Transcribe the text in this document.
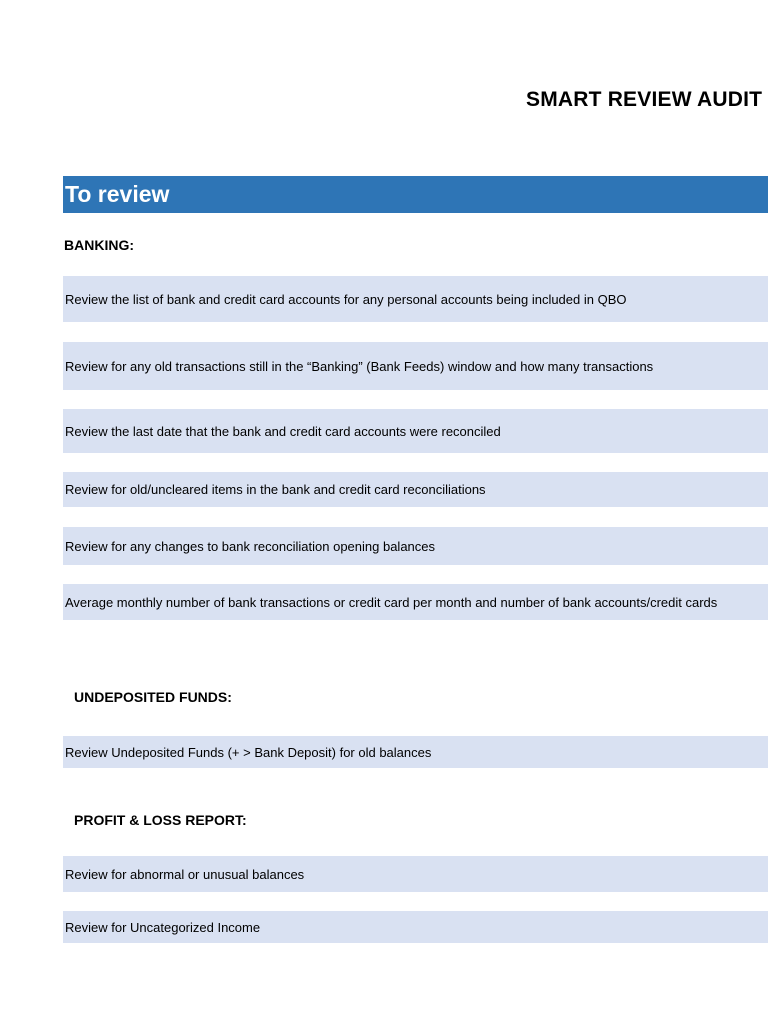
SMART REVIEW AUDIT
To review
BANKING:
Review the list of bank and credit card accounts for any personal accounts being included in QBO
Review for any old transactions still in the “Banking” (Bank Feeds) window and how many transactions
Review the last date that the bank and credit card accounts were reconciled
Review for old/uncleared items in the bank and credit card reconciliations
Review for any changes to bank reconciliation opening balances
Average monthly number of bank transactions or credit card per month and number of bank accounts/credit cards
UNDEPOSITED FUNDS:
Review Undeposited Funds (+ > Bank Deposit) for old balances
PROFIT & LOSS REPORT:
Review for abnormal or unusual balances
Review for Uncategorized Income
